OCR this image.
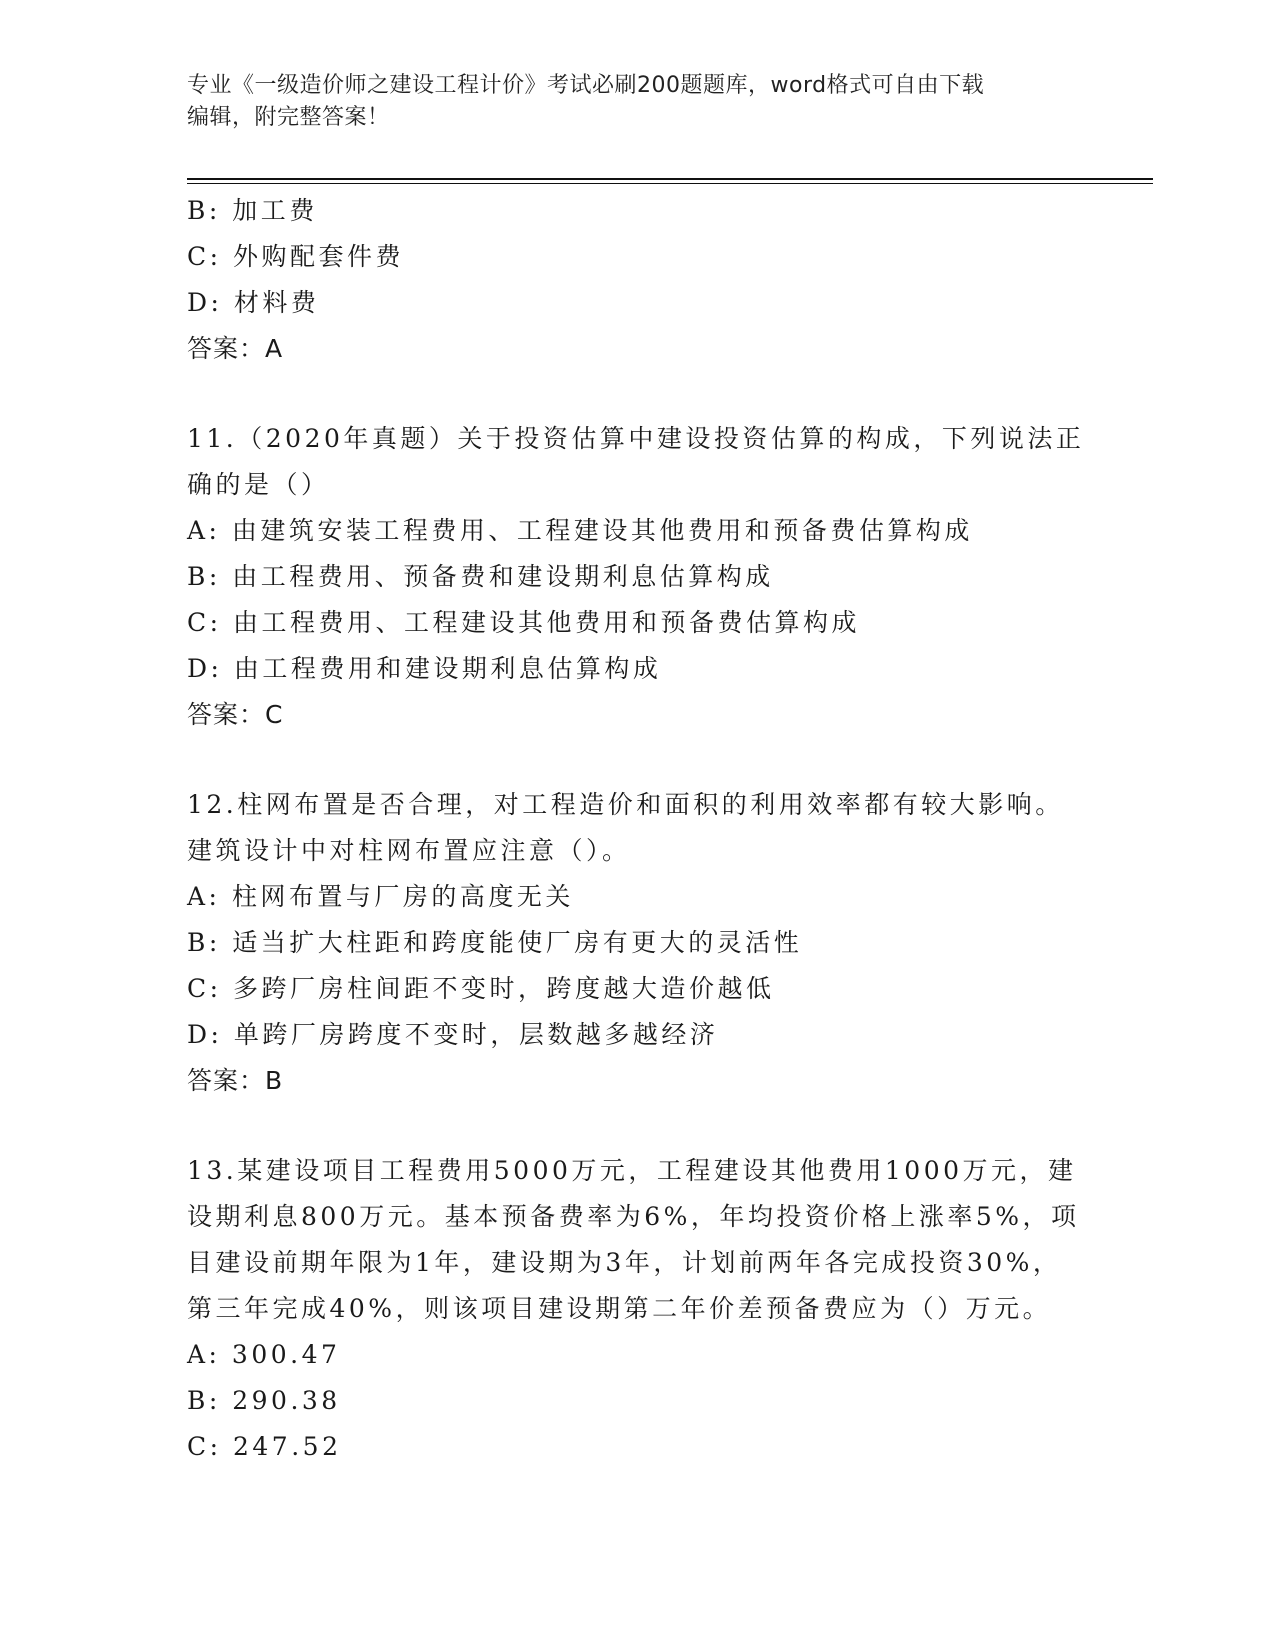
专业《一级造价师之建设工程计价》考试必刷200题题库，word格式可自由下载
编辑，附完整答案！
B: 加工费
C: 外购配套件费
D: 材料费
答案：A
11.（2020年真题）关于投资估算中建设投资估算的构成，下列说法正
确的是（）
A: 由建筑安装工程费用、工程建设其他费用和预备费估算构成
B: 由工程费用、预备费和建设期利息估算构成
C: 由工程费用、工程建设其他费用和预备费估算构成
D: 由工程费用和建设期利息估算构成
答案：C
12.柱网布置是否合理，对工程造价和面积的利用效率都有较大影响。
建筑设计中对柱网布置应注意（）。
A: 柱网布置与厂房的高度无关
B: 适当扩大柱距和跨度能使厂房有更大的灵活性
C: 多跨厂房柱间距不变时，跨度越大造价越低
D: 单跨厂房跨度不变时，层数越多越经济
答案：B
13.某建设项目工程费用5000万元，工程建设其他费用1000万元，建
设期利息800万元。基本预备费率为6%，年均投资价格上涨率5%，项
目建设前期年限为1年，建设期为3年，计划前两年各完成投资30%，
第三年完成40%，则该项目建设期第二年价差预备费应为（）万元。
A: 300.47
B: 290.38
C: 247.52
